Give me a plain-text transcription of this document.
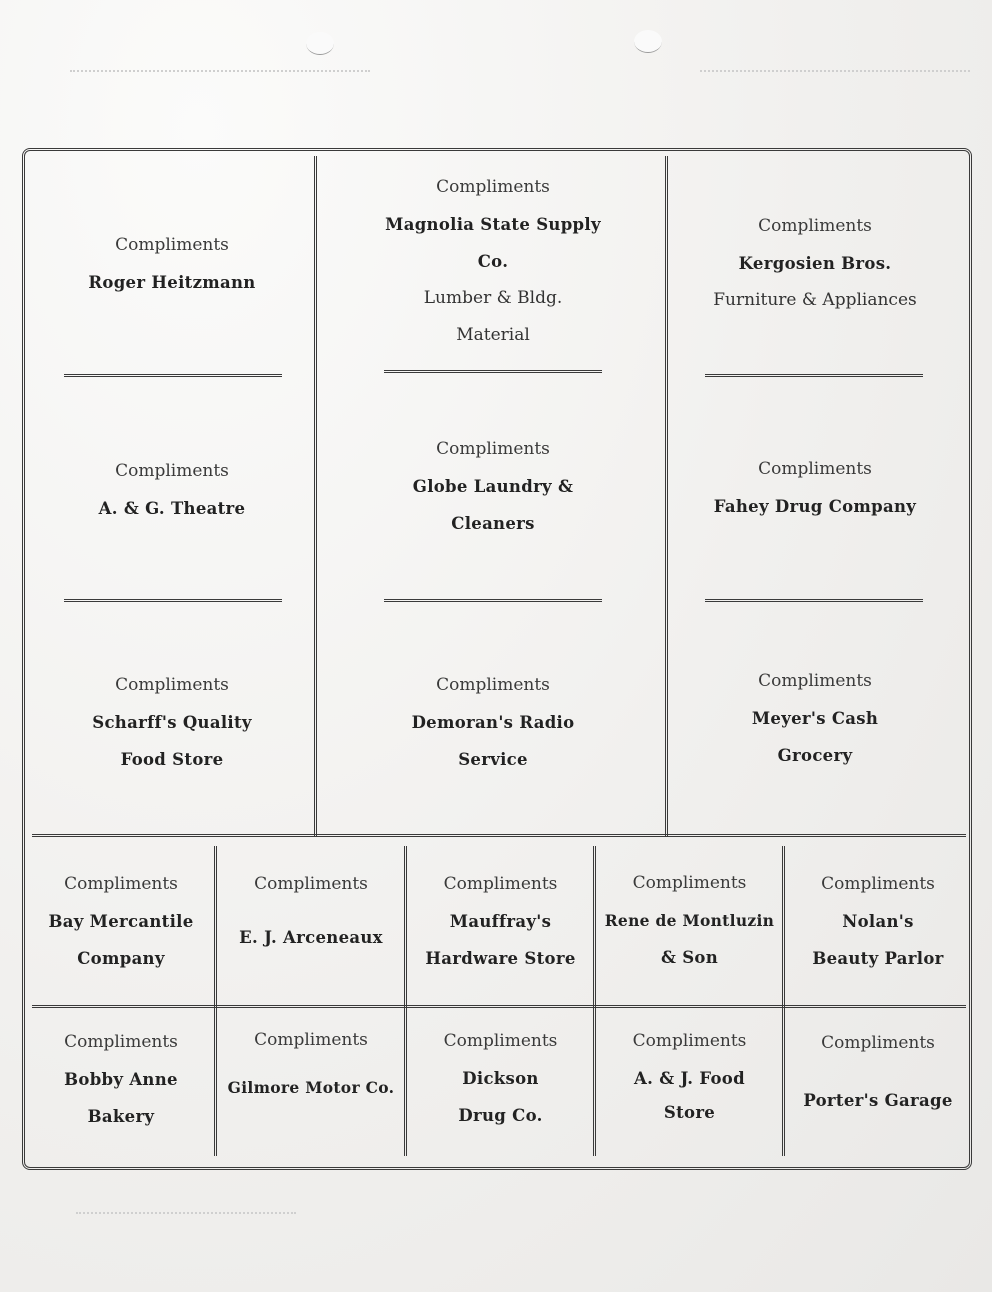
Compliments
Roger Heitzmann
Compliments
Magnolia State Supply
Co.
Lumber & Bldg.
Material
Compliments
Kergosien Bros.
Furniture & Appliances
Compliments
A. & G. Theatre
Compliments
Globe Laundry &
Cleaners
Compliments
Fahey Drug Company
Compliments
Scharff's Quality
Food Store
Compliments
Demoran's Radio
Service
Compliments
Meyer's Cash
Grocery
Compliments
Bay Mercantile
Company
Compliments
E. J. Arceneaux
Compliments
Mauffray's
Hardware Store
Compliments
Rene de Montluzin
& Son
Compliments
Nolan's
Beauty Parlor
Compliments
Bobby Anne
Bakery
Compliments
Gilmore Motor Co.
Compliments
Dickson
Drug Co.
Compliments
A. & J. Food
Store
Compliments
Porter's Garage
